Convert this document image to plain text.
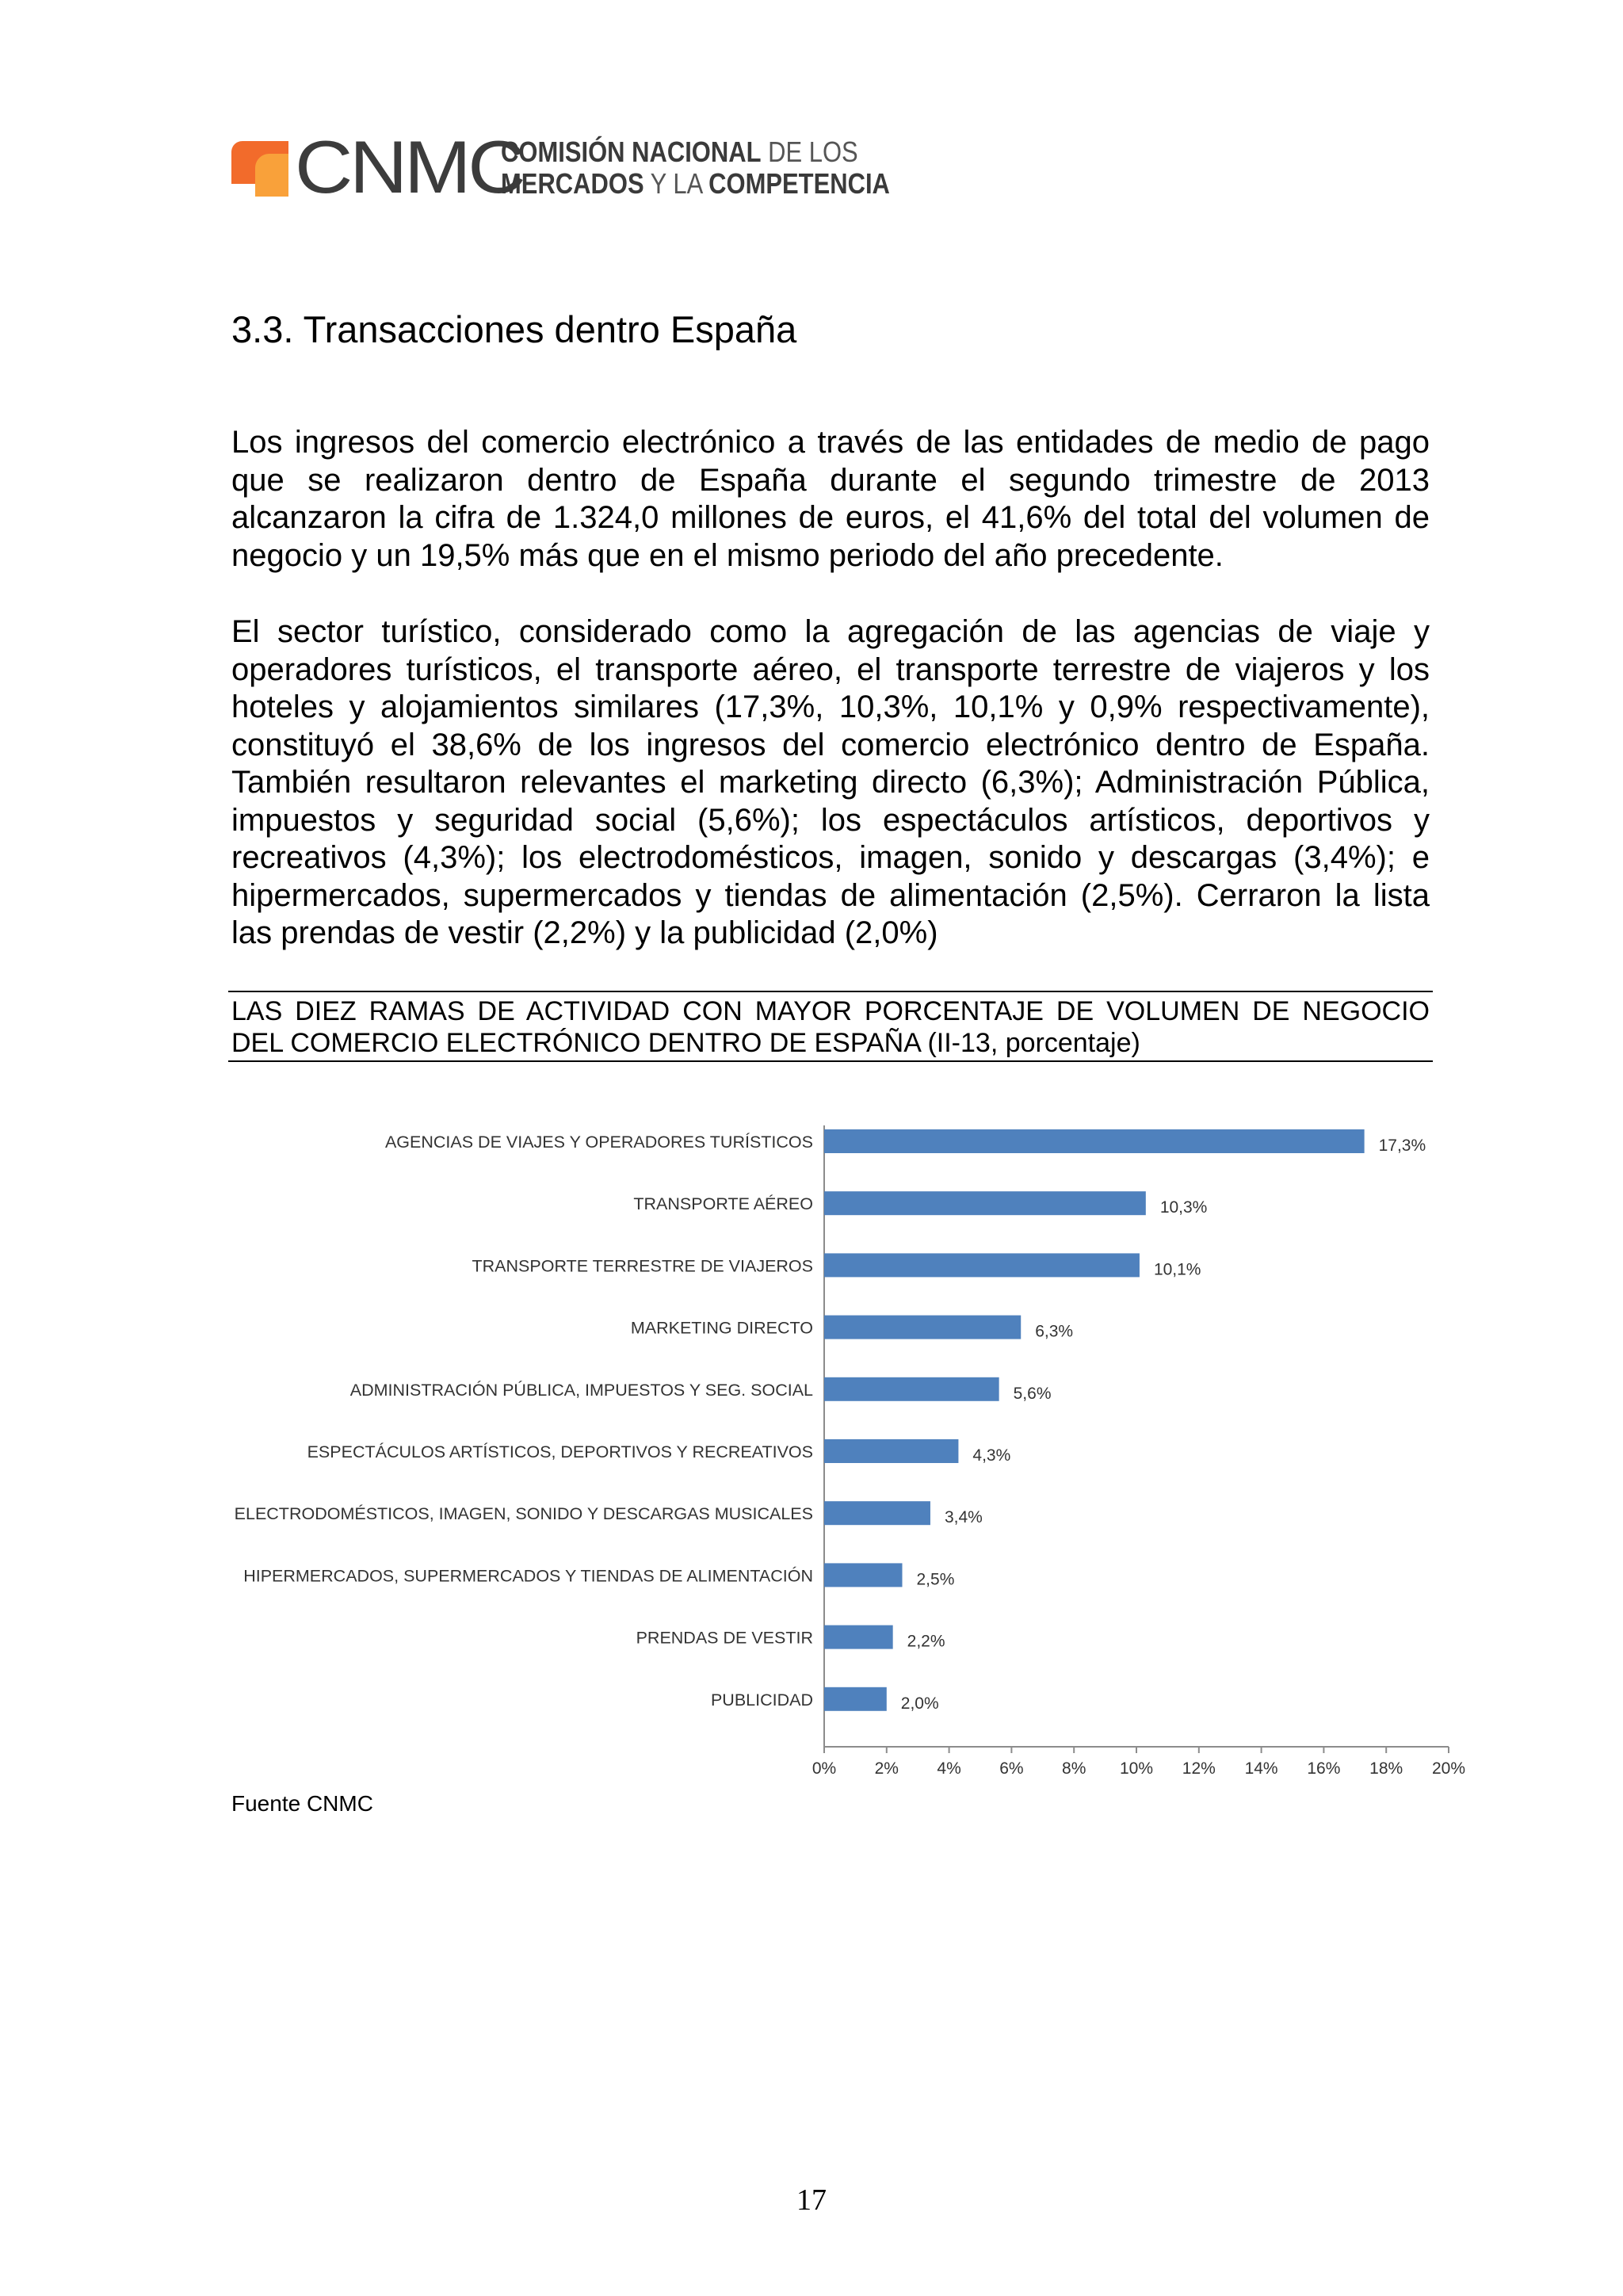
CNMC
COMISIÓN NACIONAL DE LOS
MERCADOS Y LA COMPETENCIA
3.3. Transacciones dentro España

Los ingresos del comercio electrónico a través de las entidades de medio de pago que se realizaron dentro de España durante el segundo trimestre de 2013 alcanzaron la cifra de 1.324,0 millones de euros, el 41,6% del total del volumen de negocio y un 19,5% más que en el mismo periodo del año precedente.

El sector turístico, considerado como la agregación de las agencias de viaje y operadores turísticos, el transporte aéreo, el transporte terrestre de viajeros y los hoteles y alojamientos similares (17,3%, 10,3%, 10,1% y 0,9% respectivamente), constituyó el 38,6% de los ingresos del comercio electrónico dentro de España. También resultaron relevantes el marketing directo (6,3%); Administración Pública, impuestos y seguridad social (5,6%); los espectáculos artísticos, deportivos y recreativos (4,3%); los electrodomésticos, imagen, sonido y descargas (3,4%); e hipermercados, supermercados y tiendas de alimentación (2,5%). Cerraron la lista las prendas de vestir (2,2%) y la publicidad (2,0%)

LAS DIEZ RAMAS DE ACTIVIDAD CON MAYOR PORCENTAJE DE VOLUMEN DE NEGOCIO DEL COMERCIO ELECTRÓNICO DENTRO DE ESPAÑA (II-13, porcentaje)
AGENCIAS DE VIAJES Y OPERADORES TURÍSTICOS	17,3%
TRANSPORTE AÉREO	10,3%
TRANSPORTE TERRESTRE DE VIAJEROS	10,1%
MARKETING DIRECTO	6,3%
ADMINISTRACIÓN PÚBLICA, IMPUESTOS Y SEG. SOCIAL	5,6%
ESPECTÁCULOS ARTÍSTICOS, DEPORTIVOS Y RECREATIVOS	4,3%
ELECTRODOMÉSTICOS, IMAGEN, SONIDO Y DESCARGAS MUSICALES	3,4%
HIPERMERCADOS, SUPERMERCADOS Y TIENDAS DE ALIMENTACIÓN	2,5%
PRENDAS DE VESTIR	2,2%
PUBLICIDAD	2,0%
0% 2% 4% 6% 8% 10% 12% 14% 16% 18% 20%
Fuente CNMC
17
